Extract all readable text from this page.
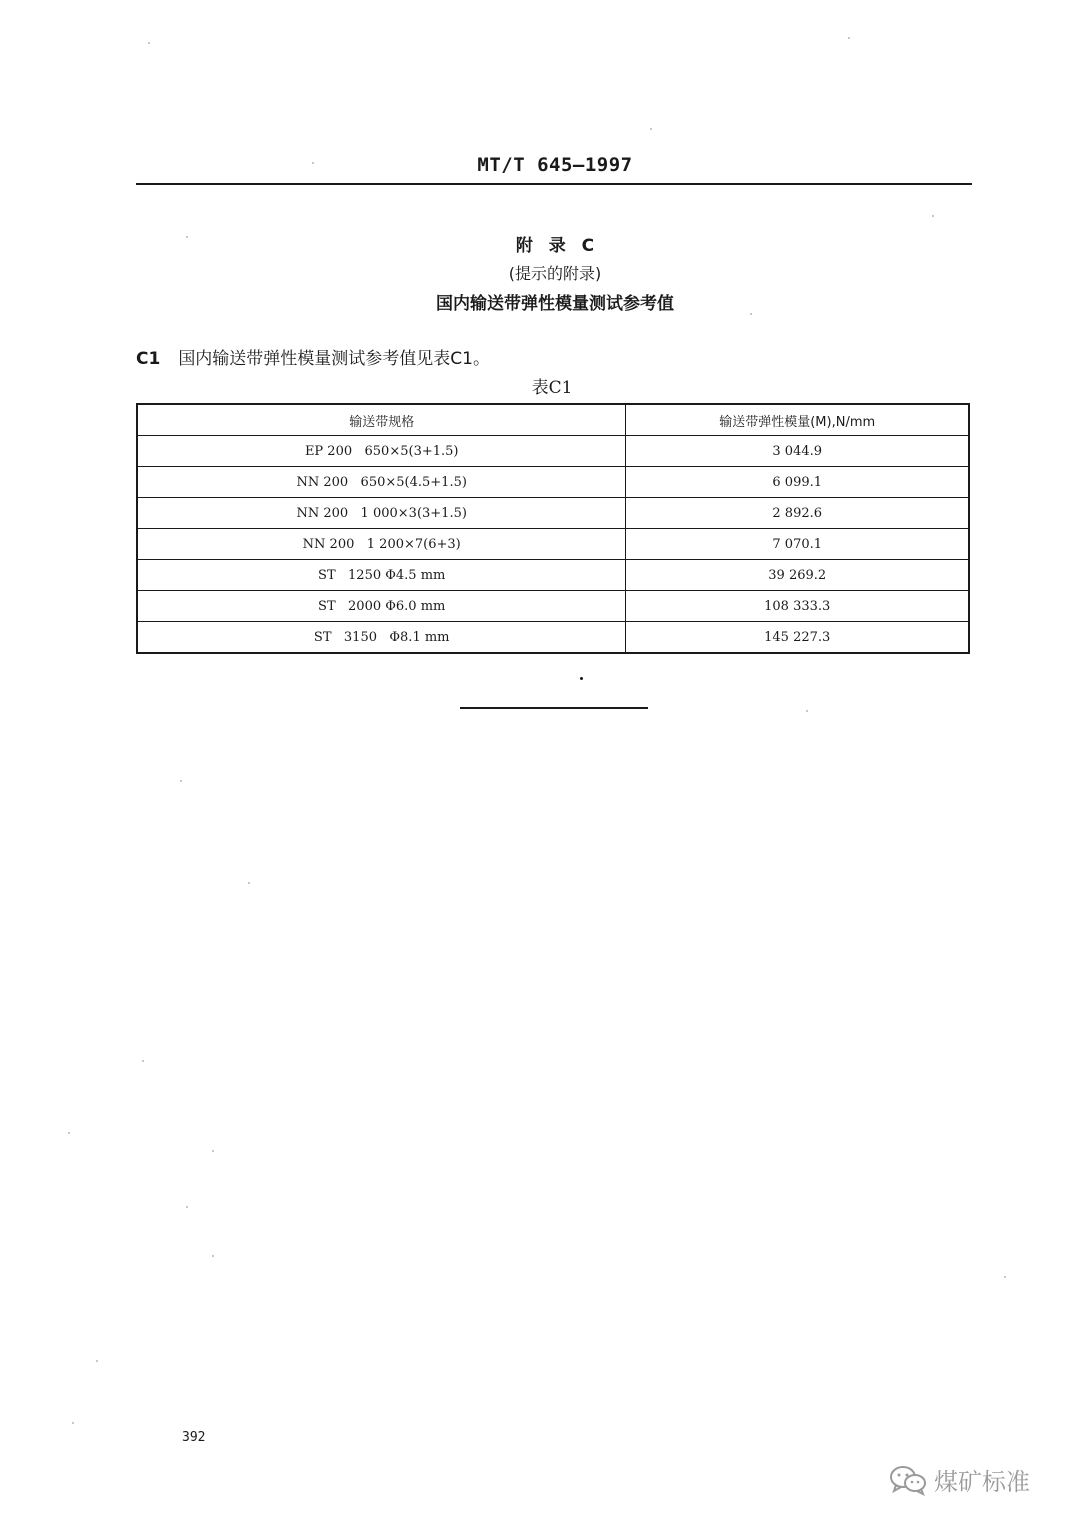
MT/T 645—1997
附 录 C
(提示的附录)
国内输送带弹性模量测试参考值
C1 国内输送带弹性模量测试参考值见表C1。
表C1
输送带规格	输送带弹性模量(M),N/mm
EP 200   650×5(3+1.5)	3 044.9
NN 200   650×5(4.5+1.5)	6 099.1
NN 200   1 000×3(3+1.5)	2 892.6
NN 200   1 200×7(6+3)	7 070.1
ST   1250 Φ4.5 mm	39 269.2
ST   2000 Φ6.0 mm	108 333.3
ST   3150   Φ8.1 mm	145 227.3
392
煤矿标准
